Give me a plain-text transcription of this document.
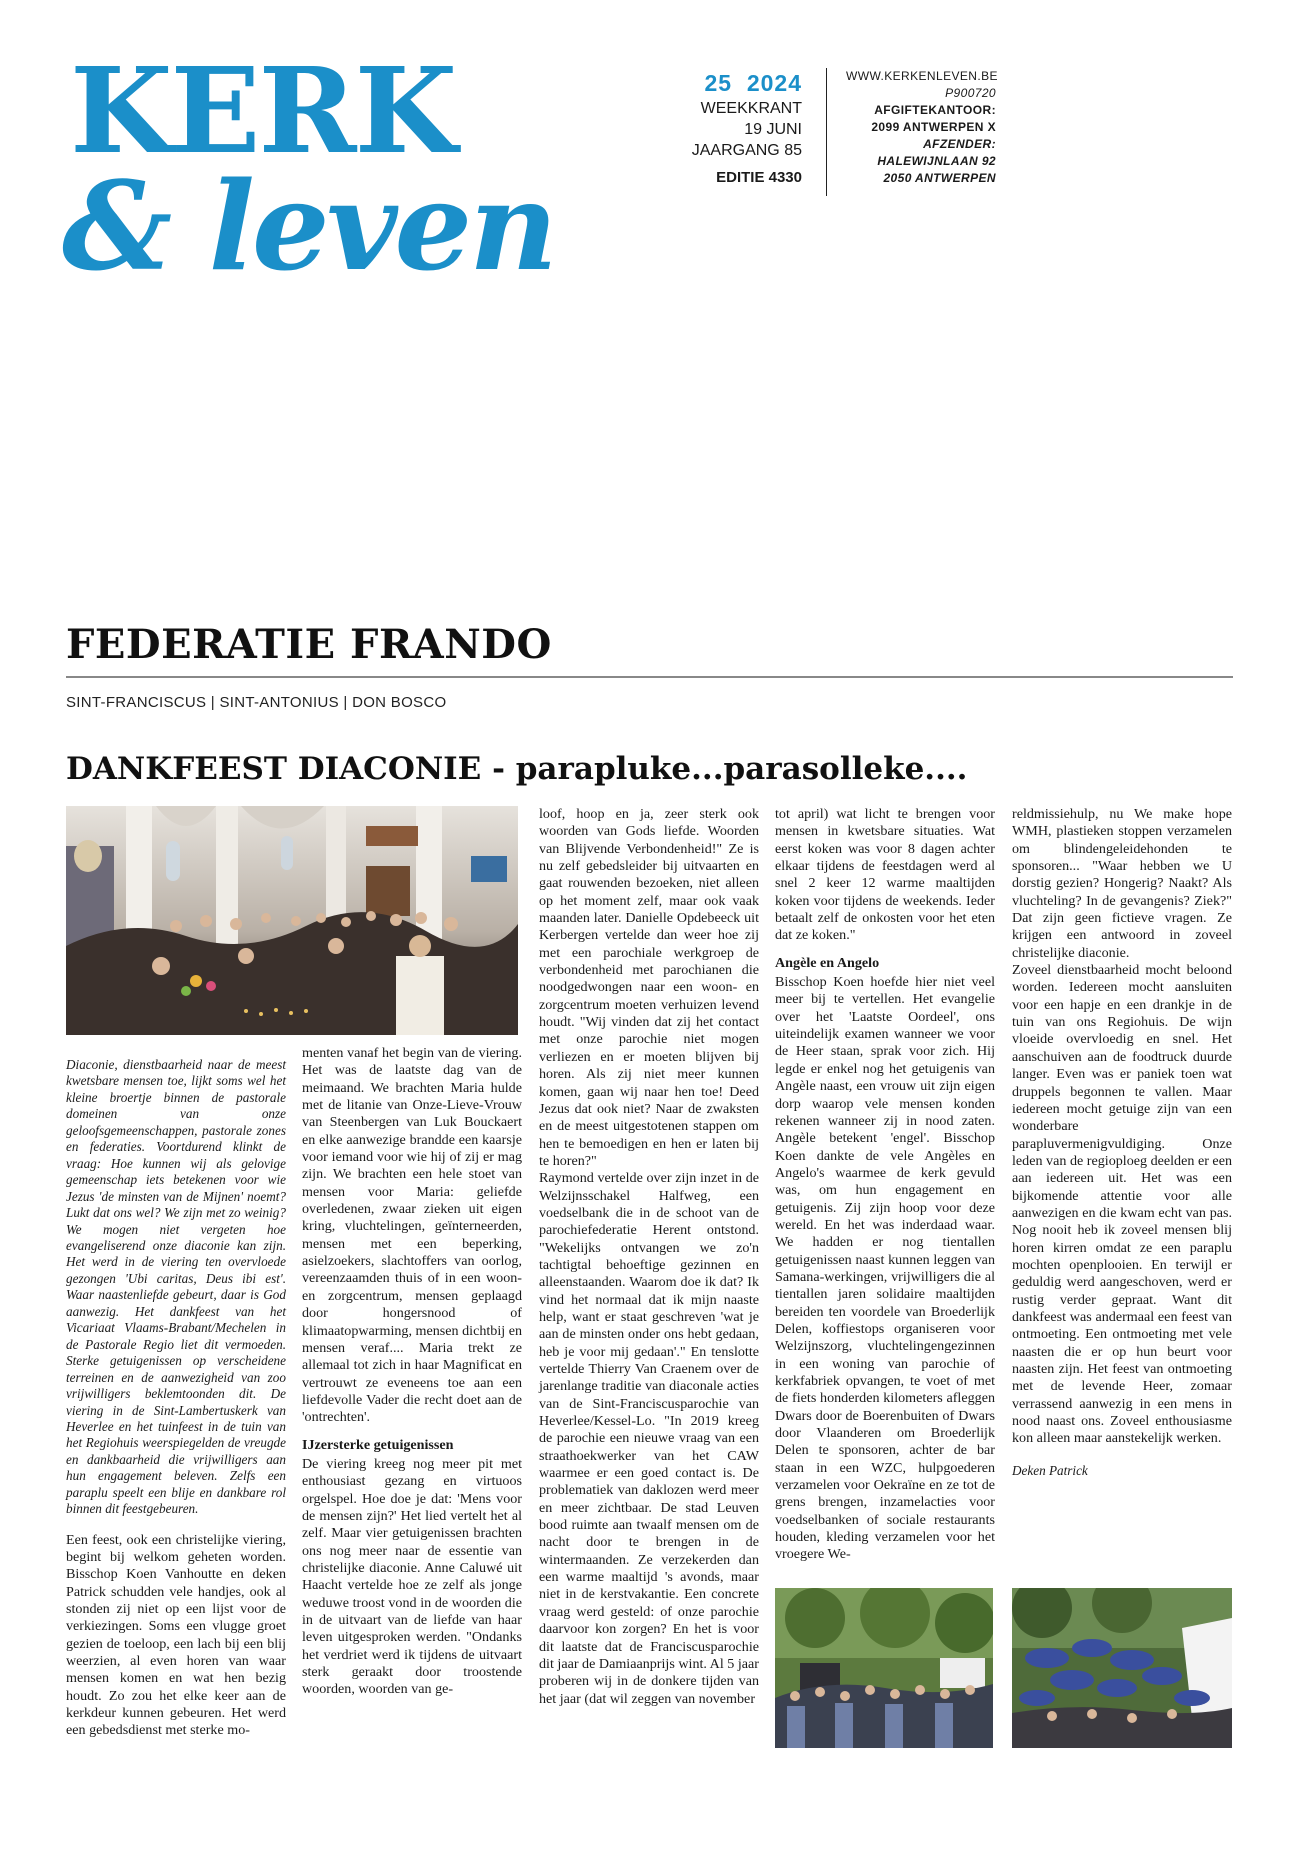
KERK
& leven
25 2024
WEEKKRANT
19 JUNI
JAARGANG 85
EDITIE 4330
WWW.KERKENLEVEN.BE
P900720
AFGIFTEKANTOOR:
2099 ANTWERPEN X
AFZENDER:
HALEWIJNLAAN 92
2050 ANTWERPEN
FEDERATIE FRANDO
SINT-FRANCISCUS | SINT-ANTONIUS | DON BOSCO
DANKFEEST DIACONIE - parapluke...parasolleke....

Diaconie, dienstbaarheid naar de meest kwetsbare mensen toe, lijkt soms wel het kleine broertje binnen de pastorale domeinen van onze geloofsgemeenschappen, pastorale zones en federaties. Voortdurend klinkt de vraag: Hoe kunnen wij als gelovige gemeenschap iets betekenen voor wie Jezus 'de minsten van de Mijnen' noemt? Lukt dat ons wel? We zijn met zo weinig? We mogen niet vergeten hoe evangeliserend onze diaconie kan zijn. Het werd in de viering ten overvloede gezongen 'Ubi caritas, Deus ibi est'. Waar naastenliefde gebeurt, daar is God aanwezig. Het dankfeest van het Vicariaat Vlaams-Brabant/Mechelen in de Pastorale Regio liet dit vermoeden. Sterke getuigenissen op verscheidene terreinen en de aanwezigheid van zoo vrijwilligers beklemtoonden dit. De viering in de Sint-Lambertuskerk van Heverlee en het tuinfeest in de tuin van het Regiohuis weerspiegelden de vreugde en dankbaarheid die vrijwilligers aan hun engagement beleven. Zelfs een paraplu speelt een blije en dankbare rol binnen dit feestgebeuren.

Een feest, ook een christelijke viering, begint bij welkom geheten worden. Bisschop Koen Vanhoutte en deken Patrick schudden vele handjes, ook al stonden zij niet op een lijst voor de verkiezingen. Soms een vlugge groet gezien de toeloop, een lach bij een blij weerzien, al even horen van waar mensen komen en wat hen bezig houdt. Zo zou het elke keer aan de kerkdeur kunnen gebeuren. Het werd een gebedsdienst met sterke mo-

menten vanaf het begin van de viering. Het was de laatste dag van de meimaand. We brachten Maria hulde met de litanie van Onze-Lieve-Vrouw van Steenbergen van Luk Bouckaert en elke aanwezige brandde een kaarsje voor iemand voor wie hij of zij er mag zijn. We brachten een hele stoet van mensen voor Maria: geliefde overledenen, zwaar zieken uit eigen kring, vluchtelingen, geïnterneerden, mensen met een beperking, asielzoekers, slachtoffers van oorlog, vereenzaamden thuis of in een woon- en zorgcentrum, mensen geplaagd door hongersnood of klimaatopwarming, mensen dichtbij en mensen veraf.... Maria trekt ze allemaal tot zich in haar Magnificat en vertrouwt ze eveneens toe aan een liefdevolle Vader die recht doet aan de 'ontrechten'.

IJzersterke getuigenissen

De viering kreeg nog meer pit met enthousiast gezang en virtuoos orgelspel. Hoe doe je dat: 'Mens voor de mensen zijn?' Het lied vertelt het al zelf. Maar vier getuigenissen brachten ons nog meer naar de essentie van christelijke diaconie. Anne Caluwé uit Haacht vertelde hoe ze zelf als jonge weduwe troost vond in de woorden die in de uitvaart van de liefde van haar leven uitgesproken werden. "Ondanks het verdriet werd ik tijdens de uitvaart sterk geraakt door troostende woorden, woorden van ge-

loof, hoop en ja, zeer sterk ook woorden van Gods liefde. Woorden van Blijvende Verbondenheid!" Ze is nu zelf gebedsleider bij uitvaarten en gaat rouwenden bezoeken, niet alleen op het moment zelf, maar ook vaak maanden later. Danielle Opdebeeck uit Kerbergen vertelde dan weer hoe zij met een parochiale werkgroep de verbondenheid met parochianen die noodgedwongen naar een woon- en zorgcentrum moeten verhuizen levend houdt. "Wij vinden dat zij het contact met onze parochie niet mogen verliezen en er moeten blijven bij horen. Als zij niet meer kunnen komen, gaan wij naar hen toe! Deed Jezus dat ook niet? Naar de zwaksten en de meest uitgestotenen stappen om hen te bemoedigen en hen er laten bij te horen?"

Raymond vertelde over zijn inzet in de Welzijnsschakel Halfweg, een voedselbank die in de schoot van de parochiefederatie Herent ontstond. "Wekelijks ontvangen we zo'n tachtigtal behoeftige gezinnen en alleenstaanden. Waarom doe ik dat? Ik vind het normaal dat ik mijn naaste help, want er staat geschreven 'wat je aan de minsten onder ons hebt gedaan, heb je voor mij gedaan'." En tenslotte vertelde Thierry Van Craenem over de jarenlange traditie van diaconale acties van de Sint-Franciscusparochie van Heverlee/Kessel-Lo. "In 2019 kreeg de parochie een nieuwe vraag van een straathoekwerker van het CAW waarmee er een goed contact is. De problematiek van daklozen werd meer en meer zichtbaar. De stad Leuven bood ruimte aan twaalf mensen om de nacht door te brengen in de wintermaanden. Ze verzekerden dan een warme maaltijd 's avonds, maar niet in de kerstvakantie. Een concrete vraag werd gesteld: of onze parochie daarvoor kon zorgen? En het is voor dit laatste dat de Franciscusparochie dit jaar de Damiaanprijs wint. Al 5 jaar proberen wij in de donkere tijden van het jaar (dat wil zeggen van november

tot april) wat licht te brengen voor mensen in kwetsbare situaties. Wat eerst koken was voor 8 dagen achter elkaar tijdens de feestdagen werd al snel 2 keer 12 warme maaltijden koken voor tijdens de weekends. Ieder betaalt zelf de onkosten voor het eten dat ze koken."

Angèle en Angelo

Bisschop Koen hoefde hier niet veel meer bij te vertellen. Het evangelie over het 'Laatste Oordeel', ons uiteindelijk examen wanneer we voor de Heer staan, sprak voor zich. Hij legde er enkel nog het getuigenis van Angèle naast, een vrouw uit zijn eigen dorp waarop vele mensen konden rekenen wanneer zij in nood zaten. Angèle betekent 'engel'. Bisschop Koen dankte de vele Angèles en Angelo's waarmee de kerk gevuld was, om hun engagement en getuigenis. Zij zijn hoop voor deze wereld. En het was inderdaad waar. We hadden er nog tientallen getuigenissen naast kunnen leggen van Samana-werkingen, vrijwilligers die al tientallen jaren solidaire maaltijden bereiden ten voordele van Broederlijk Delen, koffiestops organiseren voor Welzijnszorg, vluchtelingengezinnen in een woning van parochie of kerkfabriek opvangen, te voet of met de fiets honderden kilometers afleggen Dwars door de Boerenbuiten of Dwars door Vlaanderen om Broederlijk Delen te sponsoren, achter de bar staan in een WZC, hulpgoederen verzamelen voor Oekraïne en ze tot de grens brengen, inzamelacties voor voedselbanken of sociale restaurants houden, kleding verzamelen voor het vroegere We-

reldmissiehulp, nu We make hope WMH, plastieken stoppen verzamelen om blindengeleidehonden te sponsoren... "Waar hebben we U dorstig gezien? Hongerig? Naakt? Als vluchteling? In de gevangenis? Ziek?" Dat zijn geen fictieve vragen. Ze krijgen een antwoord in zoveel christelijke diaconie.

Zoveel dienstbaarheid mocht beloond worden. Iedereen mocht aansluiten voor een hapje en een drankje in de tuin van ons Regiohuis. De wijn vloeide overvloedig en snel. Het aanschuiven aan de foodtruck duurde langer. Even was er paniek toen wat druppels begonnen te vallen. Maar iedereen mocht getuige zijn van een wonderbare parapluvermenigvuldiging. Onze leden van de regioploeg deelden er een aan iedereen uit. Het was een bijkomende attentie voor alle aanwezigen en die kwam echt van pas. Nog nooit heb ik zoveel mensen blij horen kirren omdat ze een paraplu mochten openplooien. En terwijl er geduldig werd aangeschoven, werd er rustig verder gepraat. Want dit dankfeest was andermaal een feest van ontmoeting. Een ontmoeting met vele naasten die er op hun beurt voor naasten zijn. Het feest van ontmoeting met de levende Heer, zomaar verrassend aanwezig in een mens in nood naast ons. Zoveel enthousiasme kon alleen maar aanstekelijk werken.

Deken Patrick
